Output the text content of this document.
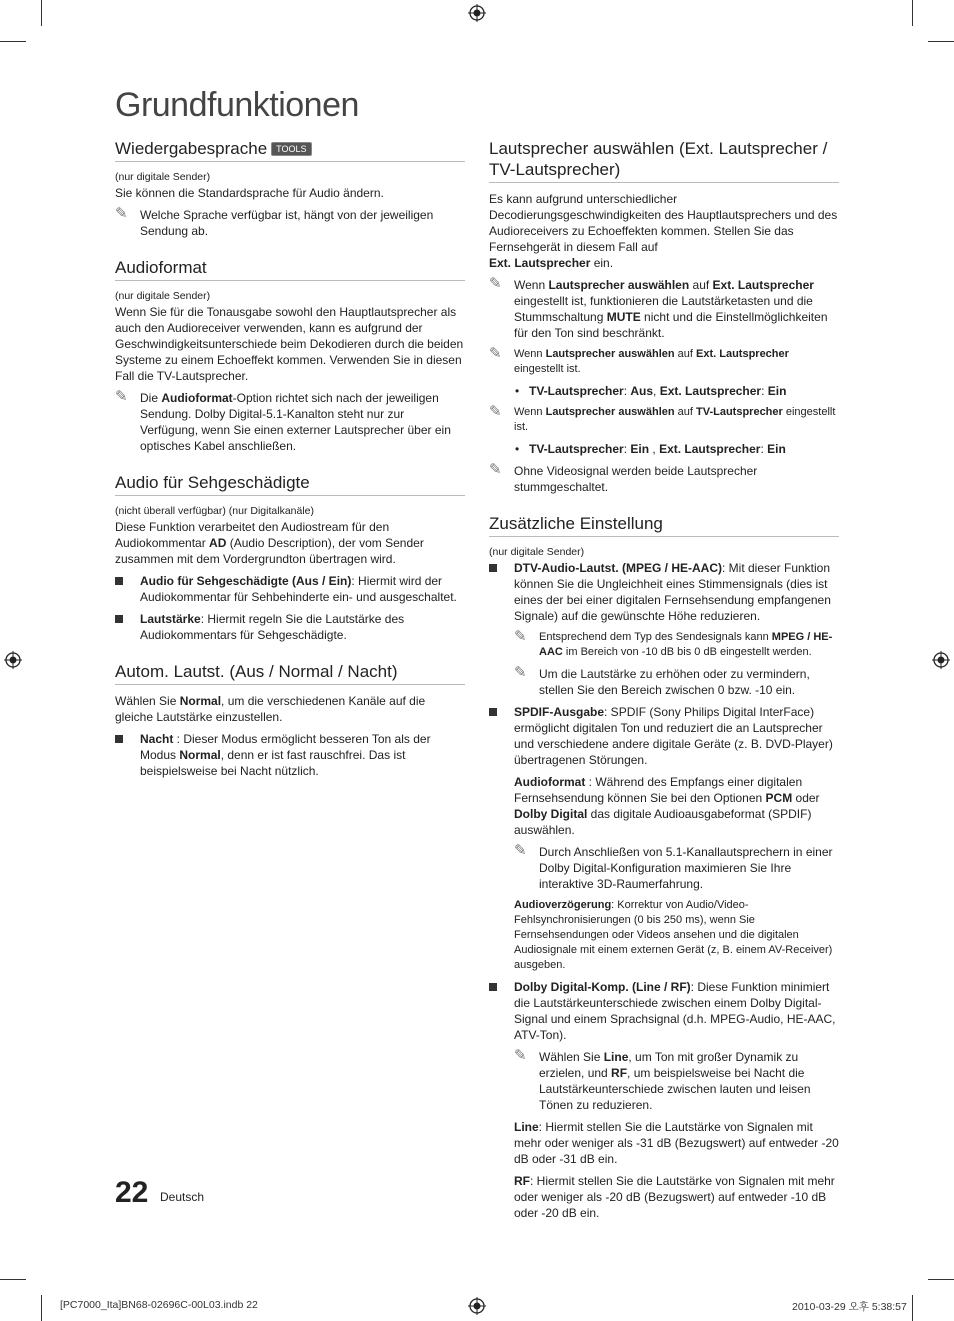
Grundfunktionen
Wiedergabesprache TOOLS
(nur digitale Sender)
Sie können die Standardsprache für Audio ändern.
✎ Welche Sprache verfügbar ist, hängt von der jeweiligen Sendung ab.
Audioformat
(nur digitale Sender)
Wenn Sie für die Tonausgabe sowohl den Hauptlautsprecher als auch den Audioreceiver verwenden, kann es aufgrund der Geschwindigkeitsunterschiede beim Dekodieren durch die beiden Systeme zu einem Echoeffekt kommen. Verwenden Sie in diesen Fall die TV-Lautsprecher.
✎ Die Audioformat-Option richtet sich nach der jeweiligen Sendung. Dolby Digital-5.1-Kanalton steht nur zur Verfügung, wenn Sie einen externer Lautsprecher über ein optisches Kabel anschließen.
Audio für Sehgeschädigte
(nicht überall verfügbar) (nur Digitalkanäle)
Diese Funktion verarbeitet den Audiostream für den Audiokommentar AD (Audio Description), der vom Sender zusammen mit dem Vordergrundton übertragen wird.
Audio für Sehgeschädigte (Aus / Ein): Hiermit wird der Audiokommentar für Sehbehinderte ein- und ausgeschaltet.
Lautstärke: Hiermit regeln Sie die Lautstärke des Audiokommentars für Sehgeschädigte.
Autom. Lautst. (Aus / Normal / Nacht)
Wählen Sie Normal, um die verschiedenen Kanäle auf die gleiche Lautstärke einzustellen.
Nacht : Dieser Modus ermöglicht besseren Ton als der Modus Normal, denn er ist fast rauschfrei. Das ist beispielsweise bei Nacht nützlich.
Lautsprecher auswählen (Ext. Lautsprecher / TV-Lautsprecher)
Es kann aufgrund unterschiedlicher Decodierungsgeschwindigkeiten des Hauptlautsprechers und des Audioreceivers zu Echoeffekten kommen. Stellen Sie das Fernsehgerät in diesem Fall auf
Ext. Lautsprecher ein.
✎ Wenn Lautsprecher auswählen auf Ext. Lautsprecher eingestellt ist, funktionieren die Lautstärketasten und die Stummschaltung MUTE nicht und die Einstellmöglichkeiten für den Ton sind beschränkt.
✎ Wenn Lautsprecher auswählen auf Ext. Lautsprecher eingestellt ist.
• TV-Lautsprecher: Aus, Ext. Lautsprecher: Ein
✎ Wenn Lautsprecher auswählen auf TV-Lautsprecher eingestellt ist.
• TV-Lautsprecher: Ein , Ext. Lautsprecher: Ein
✎ Ohne Videosignal werden beide Lautsprecher stummgeschaltet.
Zusätzliche Einstellung
(nur digitale Sender)
DTV-Audio-Lautst. (MPEG / HE-AAC): Mit dieser Funktion können Sie die Ungleichheit eines Stimmensignals (dies ist eines der bei einer digitalen Fernsehsendung empfangenen Signale) auf die gewünschte Höhe reduzieren.
✎ Entsprechend dem Typ des Sendesignals kann MPEG / HE-AAC im Bereich von -10 dB bis 0 dB eingestellt werden.
✎ Um die Lautstärke zu erhöhen oder zu vermindern, stellen Sie den Bereich zwischen 0 bzw. -10 ein.
SPDIF-Ausgabe: SPDIF (Sony Philips Digital InterFace) ermöglicht digitalen Ton und reduziert die an Lautsprecher und verschiedene andere digitale Geräte (z. B. DVD-Player) übertragenen Störungen.
Audioformat : Während des Empfangs einer digitalen Fernsehsendung können Sie bei den Optionen PCM oder Dolby Digital das digitale Audioausgabeformat (SPDIF) auswählen.
✎ Durch Anschließen von 5.1-Kanallautsprechern in einer Dolby Digital-Konfiguration maximieren Sie Ihre interaktive 3D-Raumerfahrung.
Audioverzögerung: Korrektur von Audio/Video-Fehlsynchronisierungen (0 bis 250 ms), wenn Sie Fernsehsendungen oder Videos ansehen und die digitalen Audiosignale mit einem externen Gerät (z, B. einem AV-Receiver) ausgeben.
Dolby Digital-Komp. (Line / RF): Diese Funktion minimiert die Lautstärkeunterschiede zwischen einem Dolby Digital-Signal und einem Sprachsignal (d.h. MPEG-Audio, HE-AAC, ATV-Ton).
✎ Wählen Sie Line, um Ton mit großer Dynamik zu erzielen, und RF, um beispielsweise bei Nacht die Lautstärkeunterschiede zwischen lauten und leisen Tönen zu reduzieren.
Line: Hiermit stellen Sie die Lautstärke von Signalen mit mehr oder weniger als -31 dB (Bezugswert) auf entweder -20 dB oder -31 dB ein.
RF: Hiermit stellen Sie die Lautstärke von Signalen mit mehr oder weniger als -20 dB (Bezugswert) auf entweder -10 dB oder -20 dB ein.
22 Deutsch
[PC7000_Ita]BN68-02696C-00L03.indb 22	2010-03-29 오후 5:38:57
